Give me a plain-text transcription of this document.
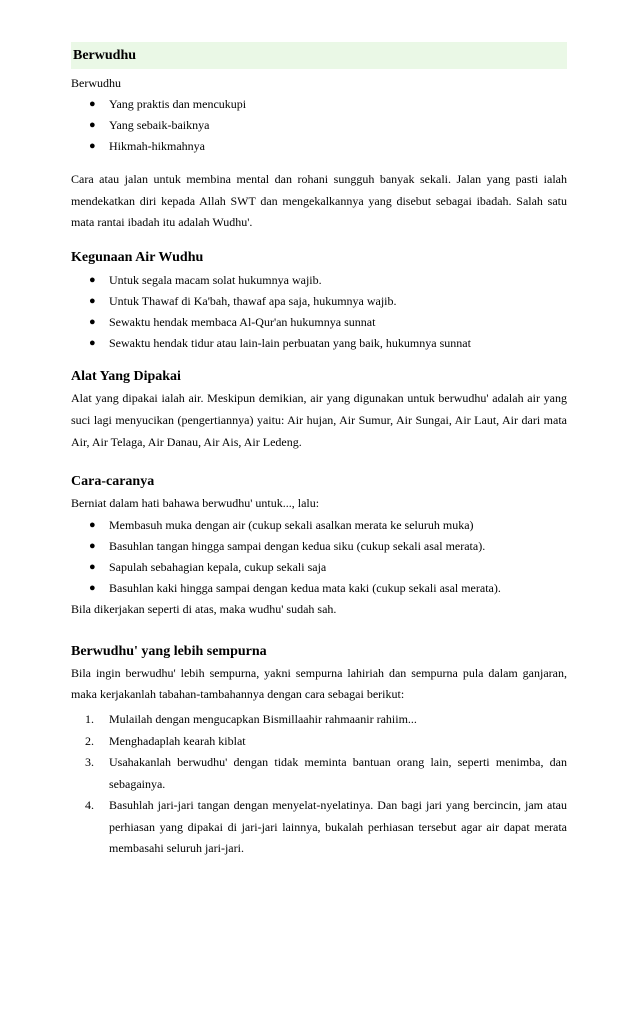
Berwudhu
Berwudhu
● Yang praktis dan mencukupi
● Yang sebaik-baiknya
● Hikmah-hikmahnya

Cara atau jalan untuk membina mental dan rohani sungguh banyak sekali. Jalan yang pasti ialah mendekatkan diri kepada Allah SWT dan mengekalkannya yang disebut sebagai ibadah. Salah satu mata rantai ibadah itu adalah Wudhu'.

Kegunaan Air Wudhu
● Untuk segala macam solat hukumnya wajib.
● Untuk Thawaf di Ka'bah, thawaf apa saja, hukumnya wajib.
● Sewaktu hendak membaca Al-Qur'an hukumnya sunnat
● Sewaktu hendak tidur atau lain-lain perbuatan yang baik, hukumnya sunnat
Alat Yang Dipakai

Alat yang dipakai ialah air. Meskipun demikian, air yang digunakan untuk berwudhu' adalah air yang suci lagi menyucikan (pengertiannya) yaitu: Air hujan, Air Sumur, Air Sungai, Air Laut, Air dari mata Air, Air Telaga, Air Danau, Air Ais, Air Ledeng.

Cara-caranya

Berniat dalam hati bahawa berwudhu' untuk..., lalu:

● Membasuh muka dengan air (cukup sekali asalkan merata ke seluruh muka)
● Basuhlan tangan hingga sampai dengan kedua siku (cukup sekali asal merata).
● Sapulah sebahagian kepala, cukup sekali saja
● Basuhlan kaki hingga sampai dengan kedua mata kaki (cukup sekali asal merata).

Bila dikerjakan seperti di atas, maka wudhu' sudah sah.

Berwudhu' yang lebih sempurna

Bila ingin berwudhu' lebih sempurna, yakni sempurna lahiriah dan sempurna pula dalam ganjaran, maka kerjakanlah tabahan-tambahannya dengan cara sebagai berikut:

1. Mulailah dengan mengucapkan Bismillaahir rahmaanir rahiim...
2. Menghadaplah kearah kiblat
3. Usahakanlah berwudhu' dengan tidak meminta bantuan orang lain, seperti menimba, dan sebagainya.
4. Basuhlah jari-jari tangan dengan menyelat-nyelatinya. Dan bagi jari yang bercincin, jam atau perhiasan yang dipakai di jari-jari lainnya, bukalah perhiasan tersebut agar air dapat merata membasahi seluruh jari-jari.
